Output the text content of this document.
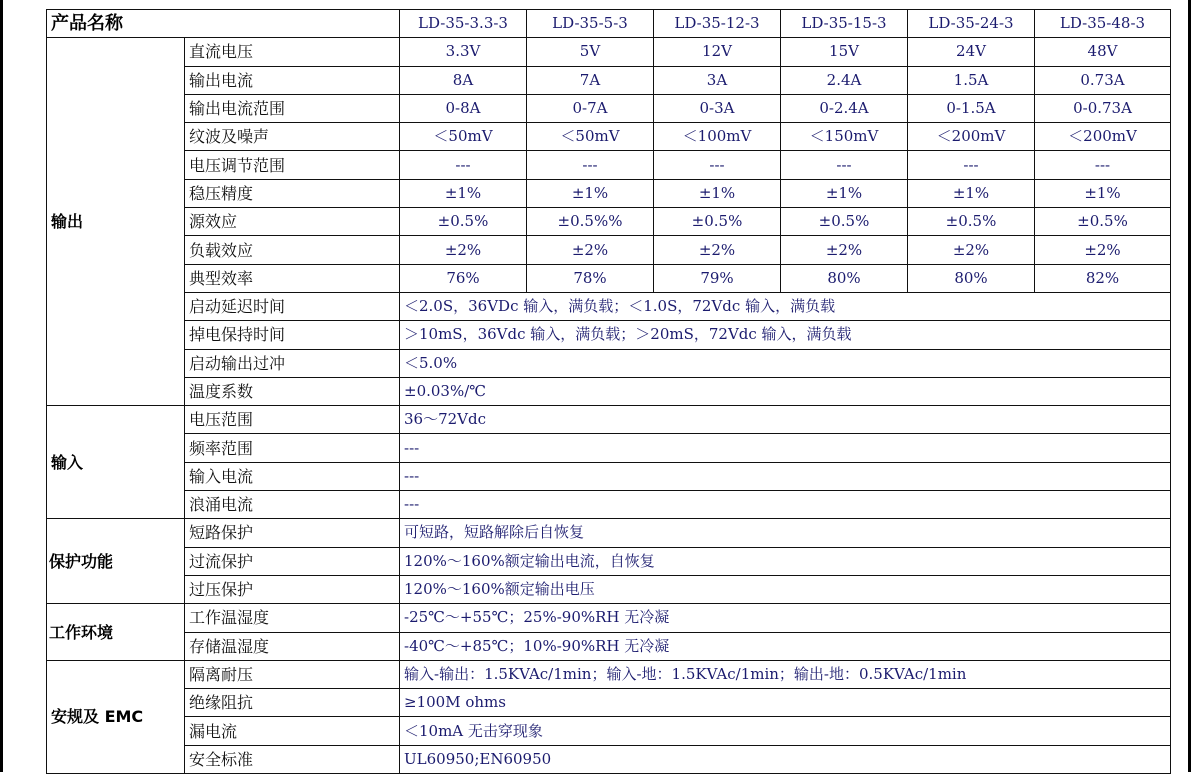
产品名称		LD-35-3.3-3	LD-35-5-3	LD-35-12-3	LD-35-15-3	LD-35-24-3	LD-35-48-3
输出	直流电压	3.3V	5V	12V	15V	24V	48V
	输出电流	8A	7A	3A	2.4A	1.5A	0.73A
	输出电流范围	0-8A	0-7A	0-3A	0-2.4A	0-1.5A	0-0.73A
	纹波及噪声	＜50mV	＜50mV	＜100mV	＜150mV	＜200mV	＜200mV
	电压调节范围	---	---	---	---	---	---
	稳压精度	±1%	±1%	±1%	±1%	±1%	±1%
	源效应	±0.5%	±0.5%%	±0.5%	±0.5%	±0.5%	±0.5%
	负载效应	±2%	±2%	±2%	±2%	±2%	±2%
	典型效率	76%	78%	79%	80%	80%	82%
	启动延迟时间	＜2.0S，36VDc 输入，满负载；＜1.0S，72Vdc 输入，满负载					
	掉电保持时间	＞10mS，36Vdc 输入，满负载；＞20mS，72Vdc 输入，满负载					
	启动输出过冲	＜5.0%					
	温度系数	±0.03%/℃					
输入	电压范围	36～72Vdc					
	频率范围	---					
	输入电流	---					
	浪涌电流	---					
保护功能	短路保护	可短路，短路解除后自恢复					
	过流保护	120%～160%额定输出电流，自恢复					
	过压保护	120%～160%额定输出电压					
工作环境	工作温湿度	-25℃～+55℃；25%-90%RH 无冷凝					
	存储温湿度	-40℃～+85℃；10%-90%RH 无冷凝					
安规及 EMC	隔离耐压	输入-输出：1.5KVAc/1min；输入-地：1.5KVAc/1min；输出-地：0.5KVAc/1min					
	绝缘阻抗	≥100M ohms					
	漏电流	＜10mA 无击穿现象					
	安全标准	UL60950;EN60950					
